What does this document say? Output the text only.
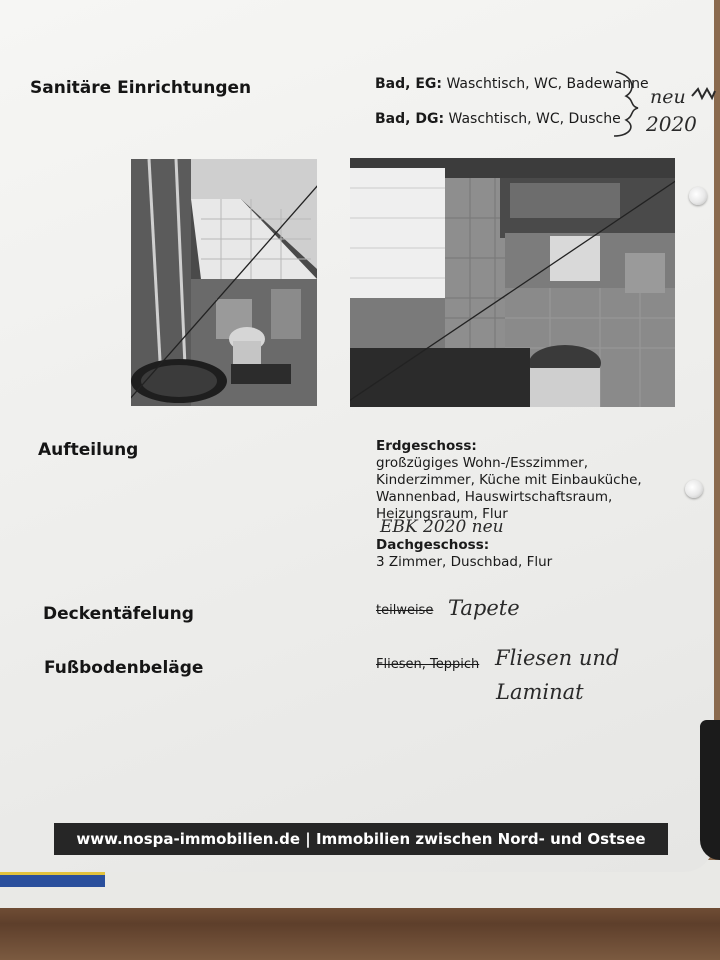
Sanitäre Einrichtungen	Bad, EG: Waschtisch, WC, Badewanne
Bad, DG: Waschtisch, WC, Dusche
neu
2020
Aufteilung	Erdgeschoss:
großzügiges Wohn-/Esszimmer,
Kinderzimmer, Küche mit Einbauküche,
Wannenbad, Hauswirtschaftsraum,
Heizungsraum, Flur
EBK 2020 neu
Dachgeschoss:
3 Zimmer, Duschbad, Flur
Deckentäfelung	teilweise Tapete
Fußbodenbeläge	Fliesen, Teppich Fliesen und
Laminat
www.nospa-immobilien.de | Immobilien zwischen Nord- und Ostsee
